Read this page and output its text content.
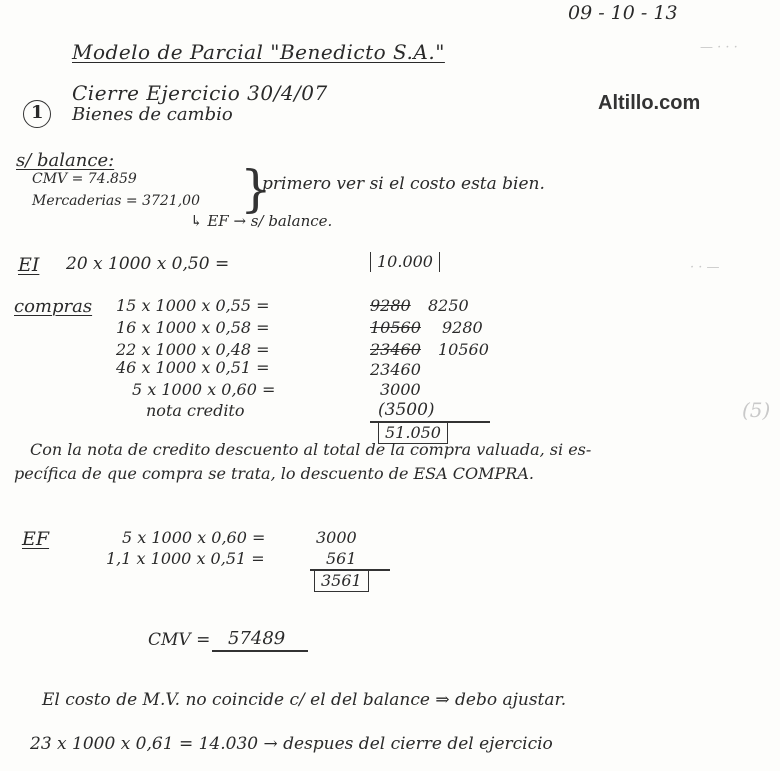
— · · ·
· · —
(5)
09 - 10 - 13
Modelo de Parcial "Benedicto S.A."
Cierre Ejercicio 30/4/07
1 Bienes de cambio
Altillo.com
s/ balance:
CMV = 74.859
Mercaderias = 3721,00 }
primero ver si el costo esta bien.
↳ EF → s/ balance.
EI 20 x 1000 x 0,50 =	10.000
compras 15 x 1000 x 0,55 =	9280 8250
16 x 1000 x 0,58 =	10560 9280
22 x 1000 x 0,48 =	23460 10560
46 x 1000 x 0,51 =	23460
5 x 1000 x 0,60 =	3000
nota credito	(3500)
51.050
Con la nota de credito descuento al total de la compra valuada, si es-
pecífica de que compra se trata, lo descuento de ESA COMPRA.
EF	5 x 1000 x 0,60 =	3000
1,1 x 1000 x 0,51 =	561
3561
CMV = 57489
El costo de M.V. no coincide c/ el del balance ⇒ debo ajustar.
23 x 1000 x 0,61 = 14.030 → despues del cierre del ejercicio
